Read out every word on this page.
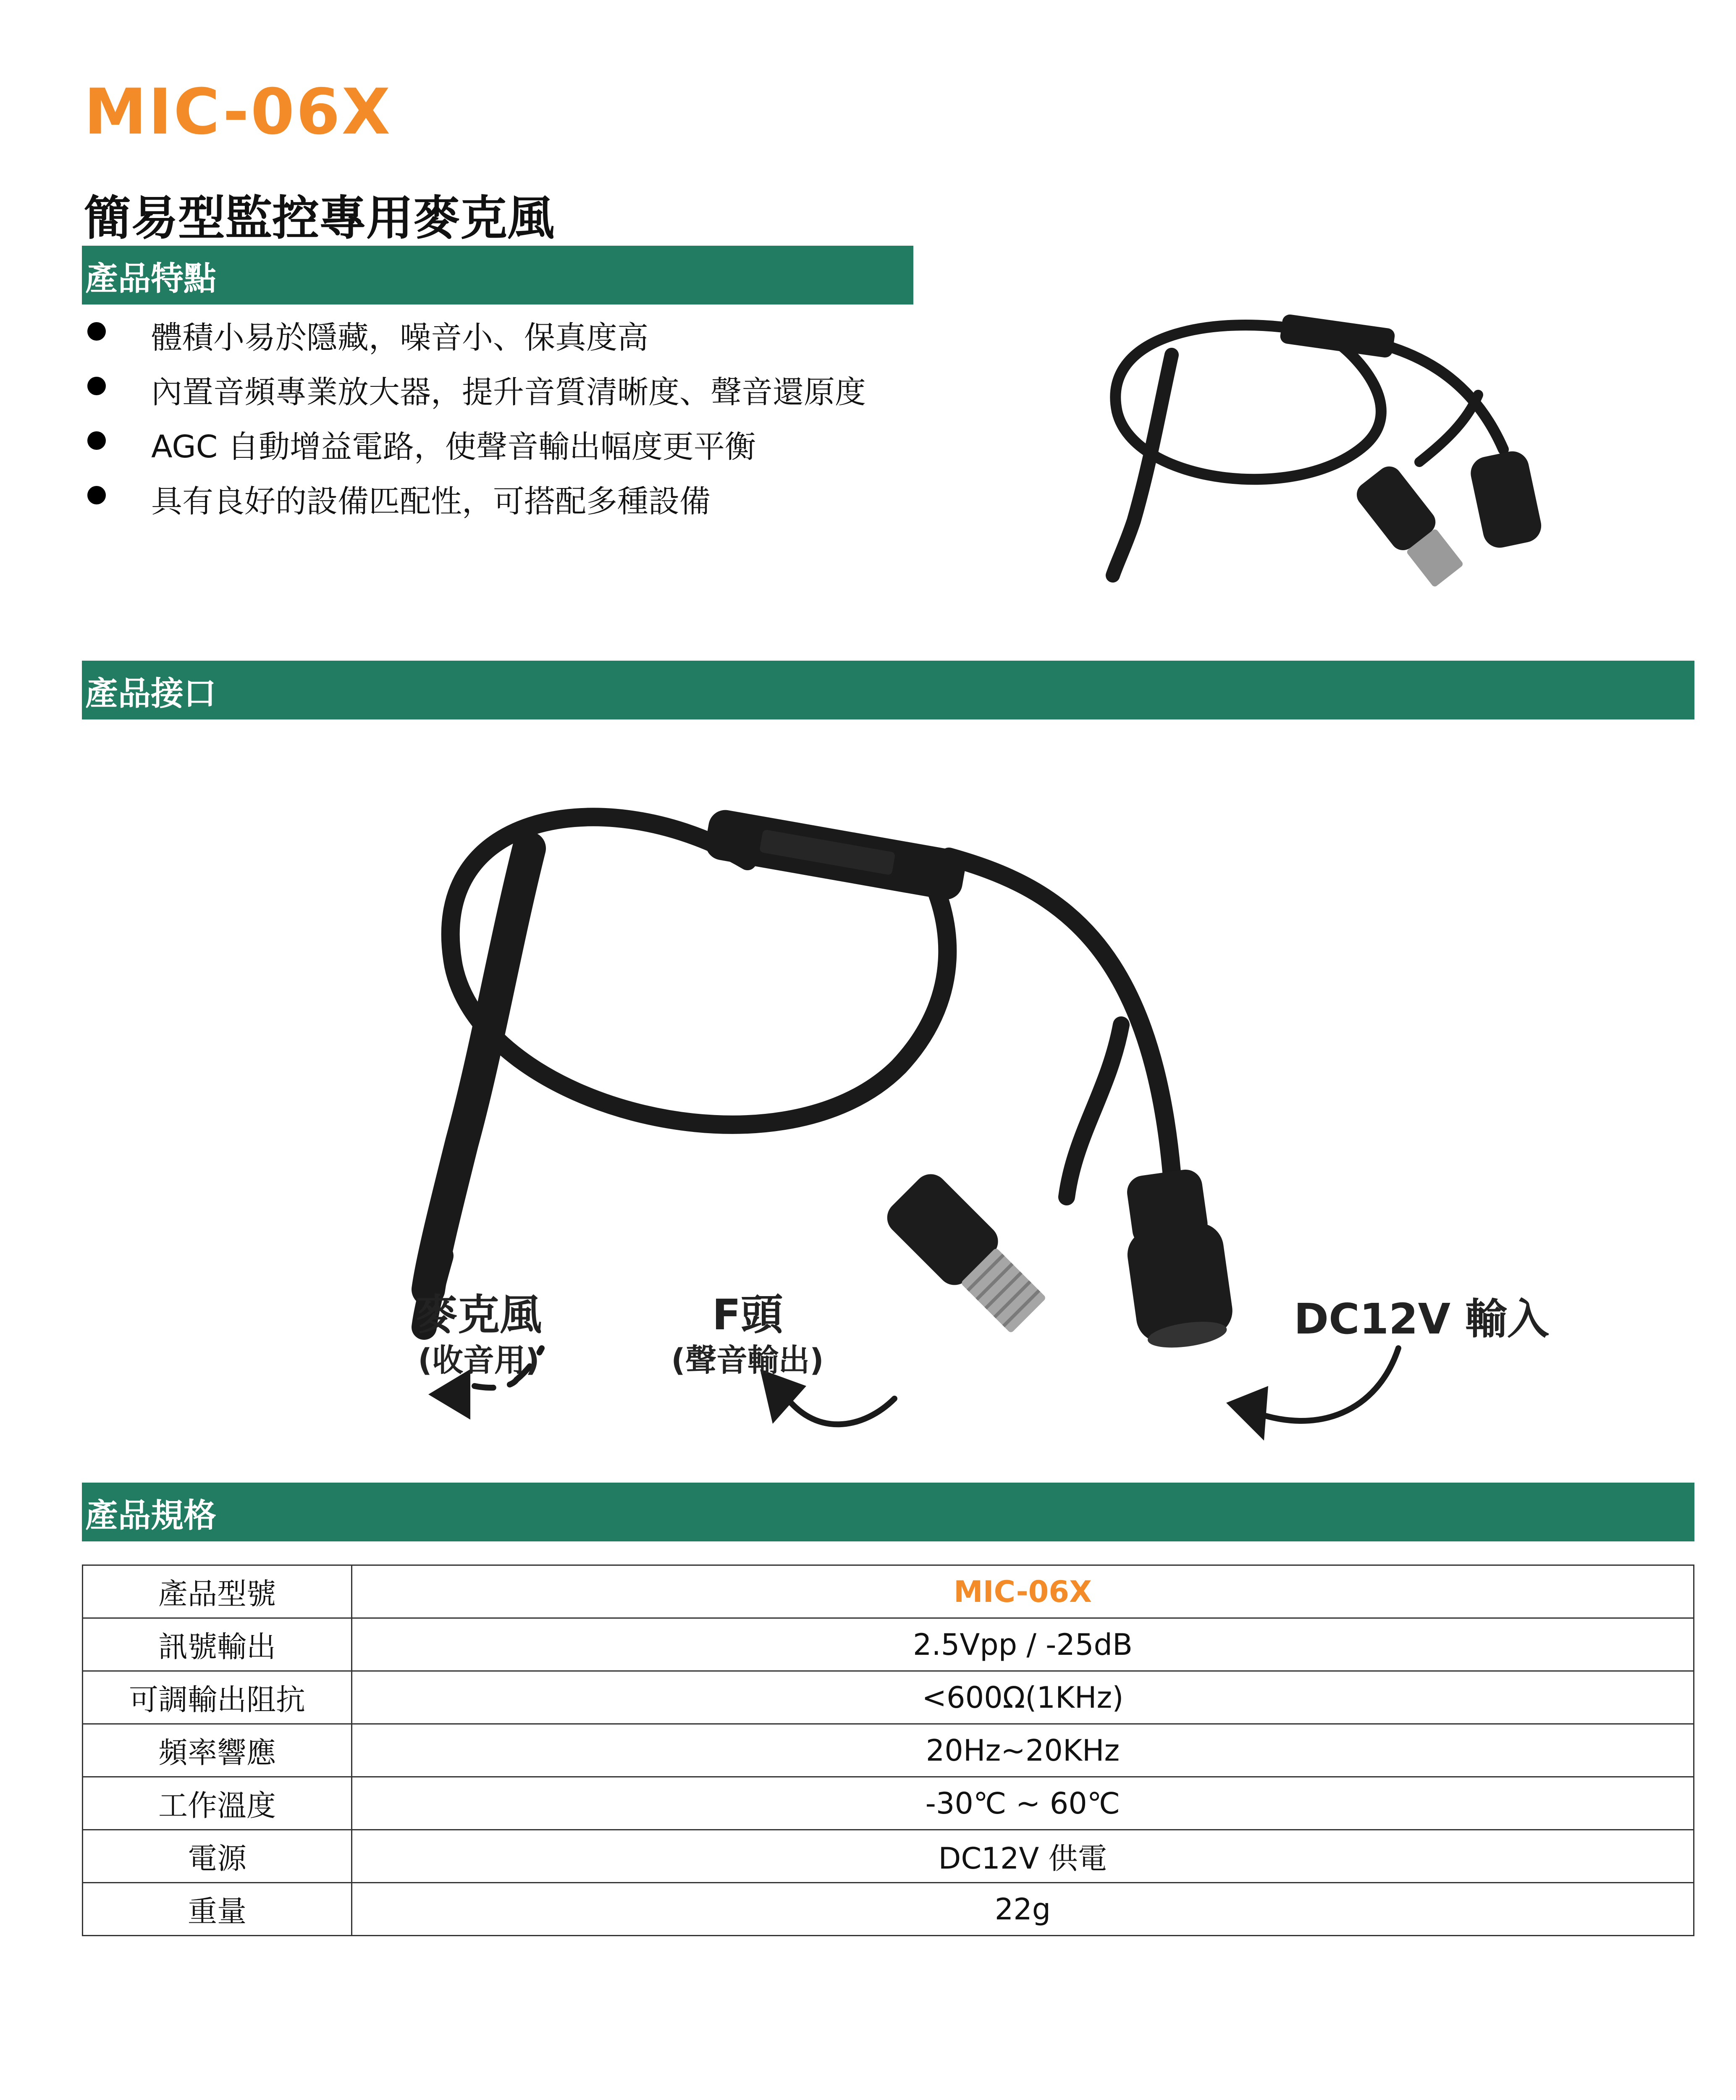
MIC-06X
簡易型監控專用麥克風
產品特點
體積小易於隱藏，噪音小、保真度高
內置音頻專業放大器，提升音質清晰度、聲音還原度
AGC 自動增益電路，使聲音輸出幅度更平衡
具有良好的設備匹配性，可搭配多種設備
產品接口
麥克風
(收音用)
F頭
(聲音輸出)
DC12V 輸入
產品規格
產品型號	MIC-06X
訊號輸出	2.5Vpp / -25dB
可調輸出阻抗	<600Ω(1KHz)
頻率響應	20Hz~20KHz
工作溫度	-30℃ ~ 60℃
電源	DC12V 供電
重量	22g
